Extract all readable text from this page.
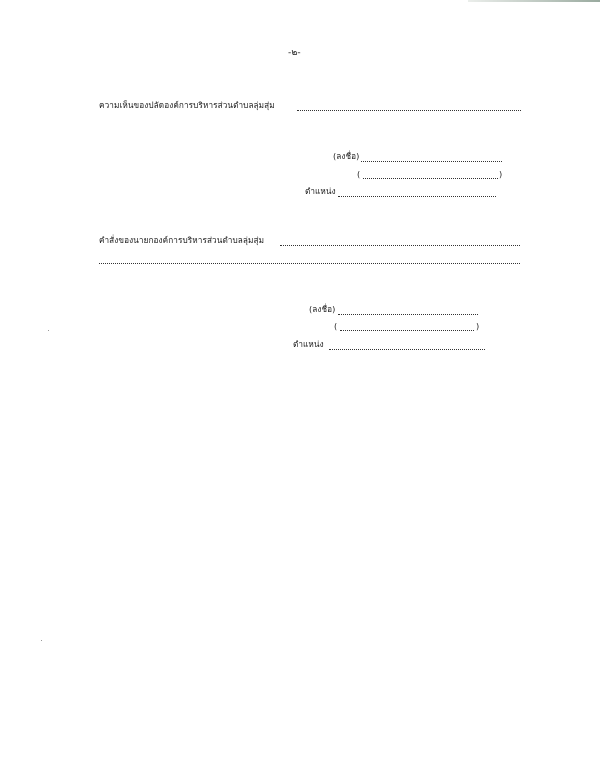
-๒-
ความเห็นของปลัดองค์การบริหารส่วนตำบลลุ่มสุ่ม
(ลงชื่อ)
(	)
ตำแหน่ง
คำสั่งของนายกองค์การบริหารส่วนตำบลลุ่มสุ่ม
(ลงชื่อ)
(	)
ตำแหน่ง
